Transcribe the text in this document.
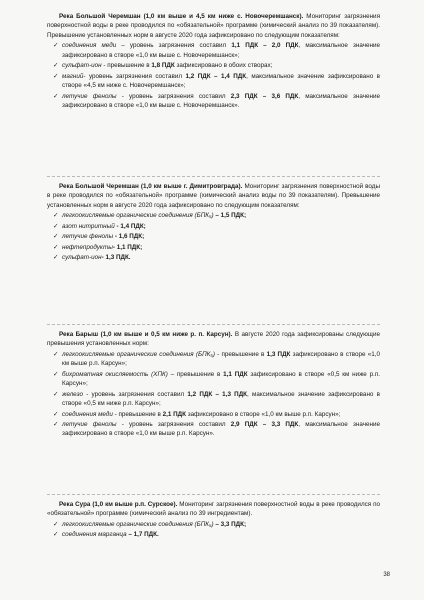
Река Большой Черемшан (1,0 км выше и 4,5 км ниже с. Новочеремшанск). Мониторинг загрязнения поверхностной воды в реке проводился по «обязательной» программе (химический анализ по 39 показателям). Превышение установленных норм в августе 2020 года зафиксировано по следующим показателям:

✓ соединения меди – уровень загрязнения составил 1,1 ПДК – 2,0 ПДК, максимальное значение зафиксировано в створе «1,0 км выше с. Новочеремшанск»;
✓ сульфат-ион - превышение в 1,8 ПДК зафиксировано в обоих створах;
✓ магний- уровень загрязнения составил 1,2 ПДК – 1,4 ПДК, максимальное значение зафиксировано в створе «4,5 км ниже с. Новочеремшанск»;
✓ летучие фенолы - уровень загрязнения составил 2,3 ПДК – 3,6 ПДК, максимальное значение зафиксировано в створе «1,0 км выше с. Новочеремшанск».

Река Большой Черемшан (1,0 км выше г. Димитровграда). Мониторинг загрязнения поверхностной воды в реке проводился по «обязательной» программе (химический анализ воды по 39 показателям). Превышение установленных норм в августе 2020 года зафиксировано по следующим показателям:

✓ легкоокисляемые органические соединения (БПК₅) – 1,5 ПДК;
✓ азот нитритный - 1,4 ПДК;
✓ летучие фенолы - 1,6 ПДК;
✓ нефтепродукты- 1,1 ПДК;
✓ сульфат-ион- 1,3 ПДК.

Река Барыш (1,0 км выше и 0,5 км ниже р. п. Карсун). В августе 2020 года зафиксированы следующие превышения установленных норм:

✓ легкоокисляемые органические соединения (БПК₅) - превышение в 1,3 ПДК зафиксировано в створе «1,0 км выше р.п. Карсун»;
✓ бихроматная окисляемость (ХПК) – превышение в 1,1 ПДК зафиксировано в створе «0,5 км ниже р.п. Карсун»;
✓ железо - уровень загрязнения составил 1,2 ПДК – 1,3 ПДК, максимальное значение зафиксировано в створе «0,5 км ниже р.п. Карсун»;
✓ соединения меди - превышение в 2,1 ПДК зафиксировано в створе «1,0 км выше р.п. Карсун»;
✓ летучие фенолы - уровень загрязнения составил 2,9 ПДК – 3,3 ПДК, максимальное значение зафиксировано в створе «1,0 км выше р.п. Карсун».

Река Сура (1,0 км выше р.п. Сурское). Мониторинг загрязнения поверхностной воды в реке проводился по «обязательной» программе (химический анализ по 39 ингредиентам).

✓ легкоокисляемые органические соединения (БПК₅) – 3,3 ПДК;
✓ соединения марганца – 1,7 ПДК.
38
